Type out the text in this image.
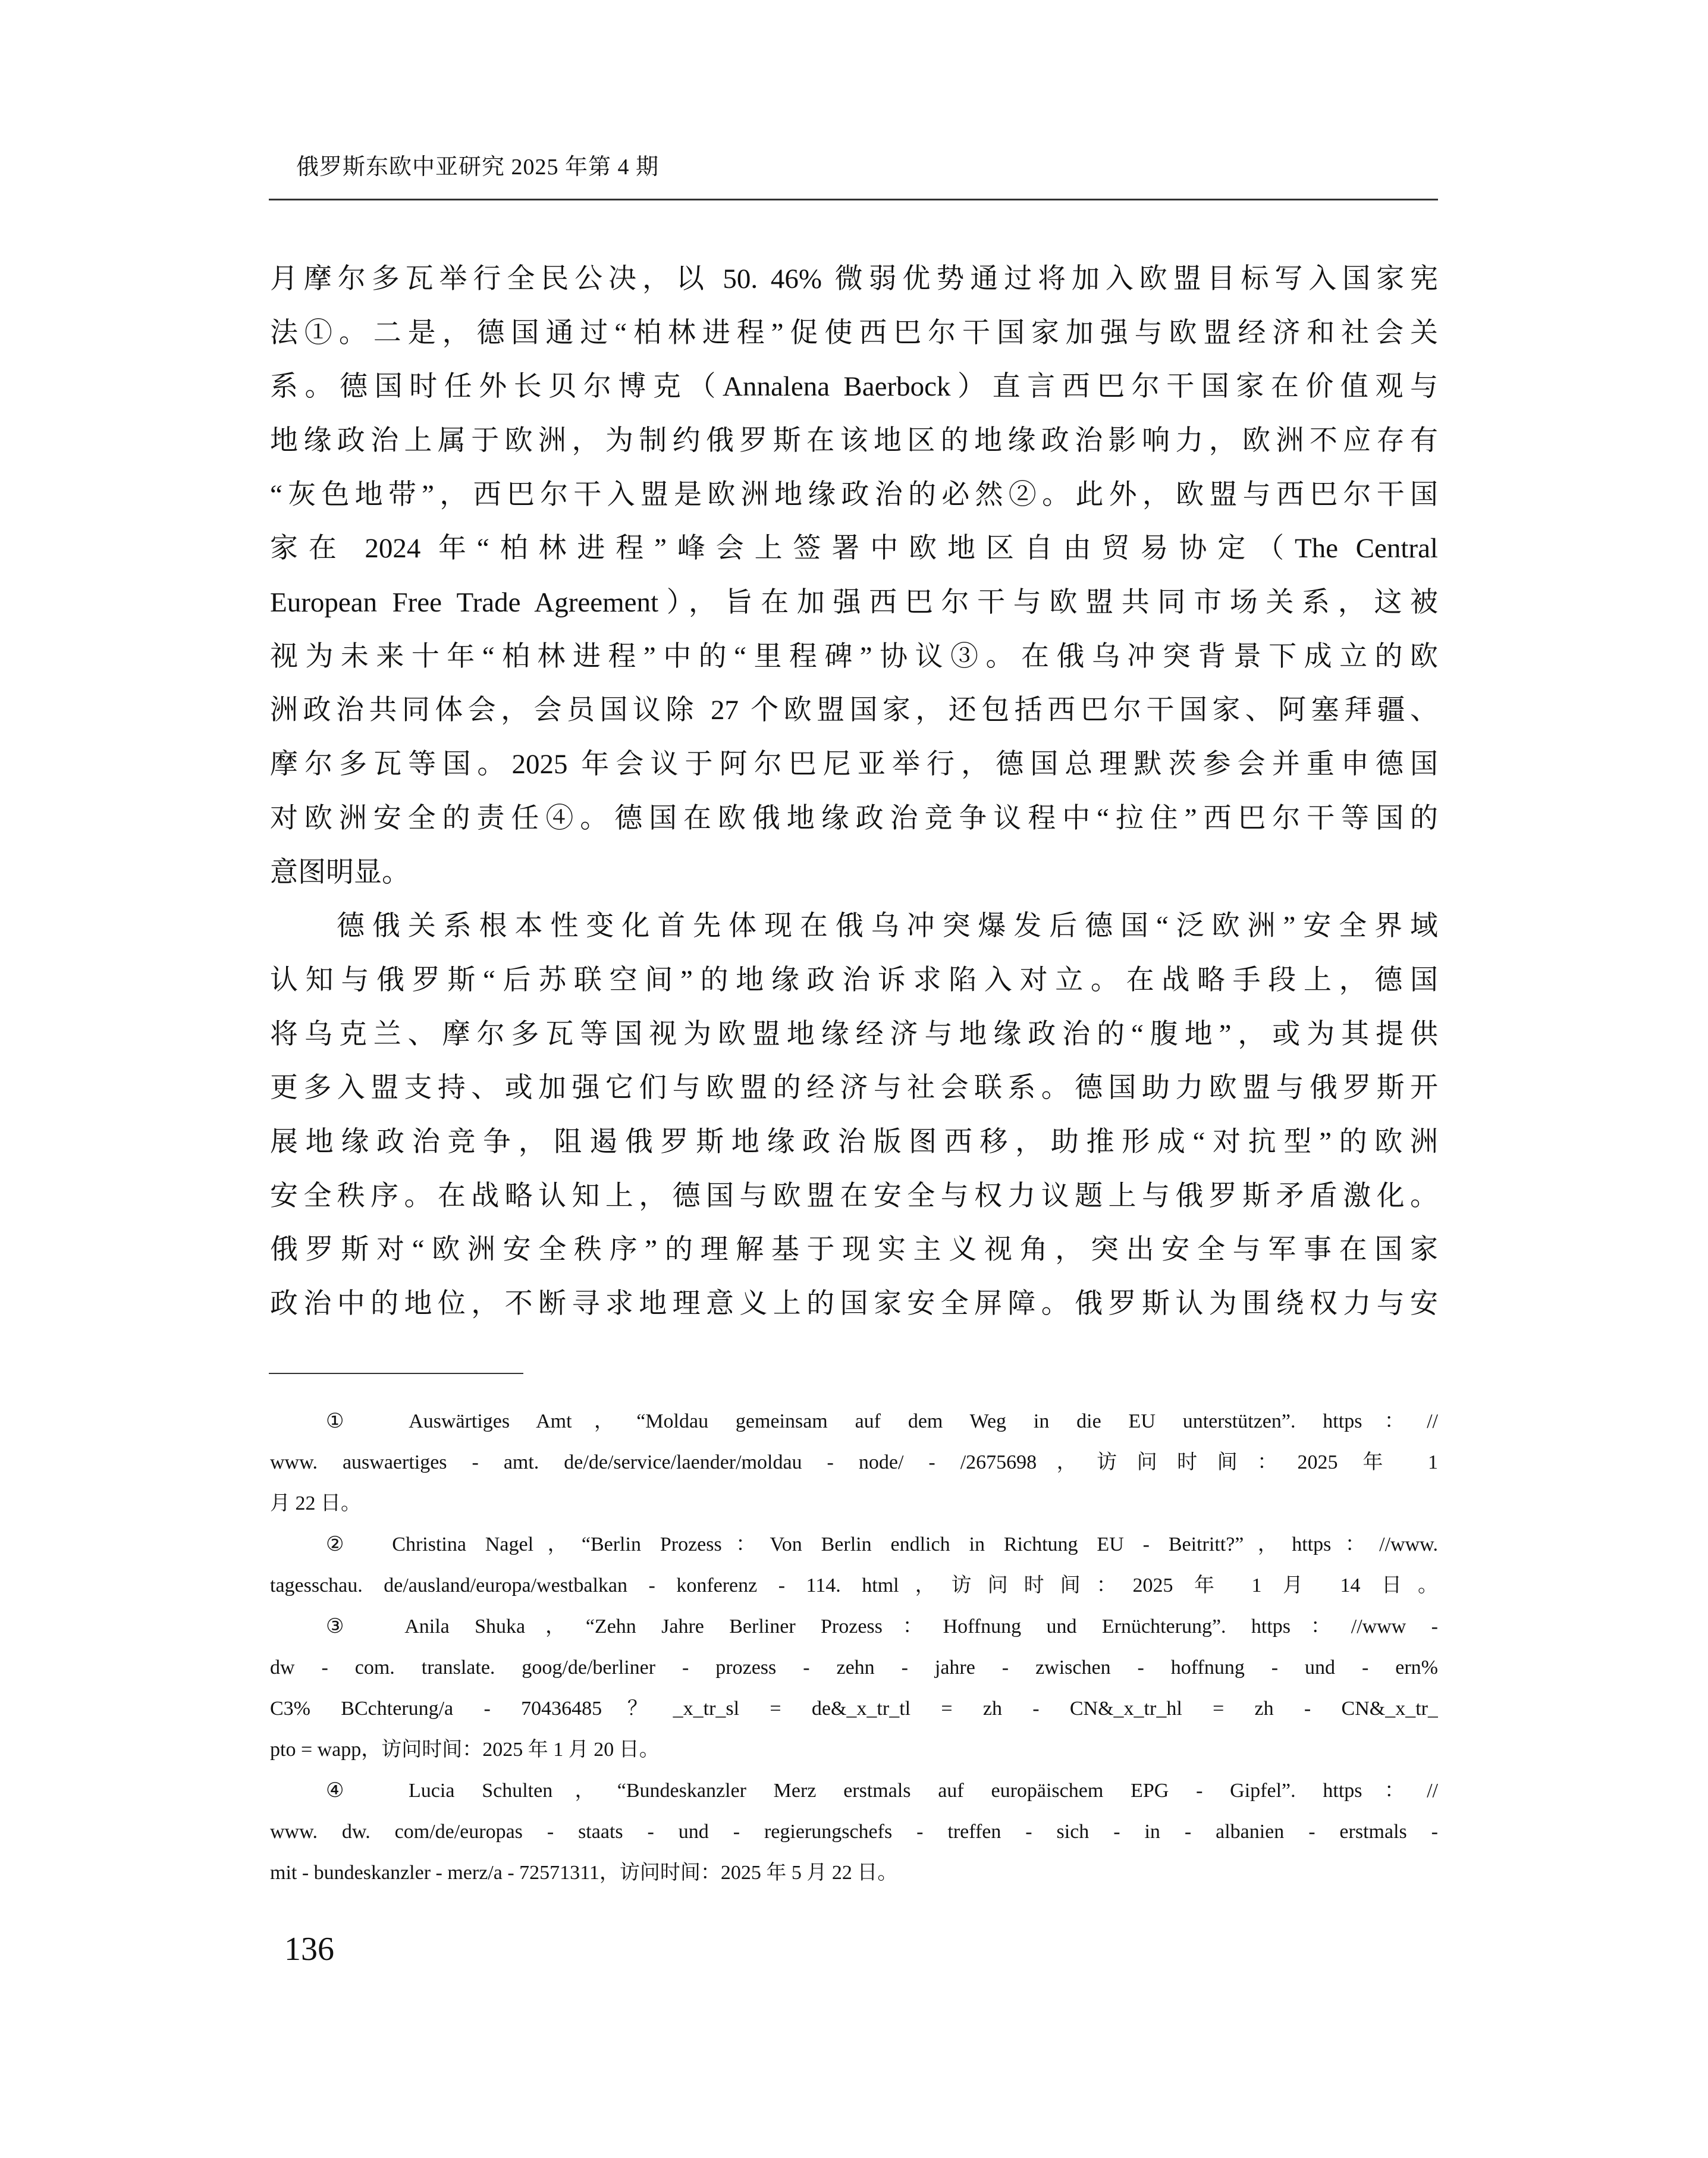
俄罗斯东欧中亚研究 2025 年第 4 期
月摩尔多瓦举行全民公决，以 50. 46% 微弱优势通过将加入欧盟目标写入国家宪
法①。二是，德国通过“柏林进程”促使西巴尔干国家加强与欧盟经济和社会关
系。德国时任外长贝尔博克（Annalena Baerbock）直言西巴尔干国家在价值观与
地缘政治上属于欧洲，为制约俄罗斯在该地区的地缘政治影响力，欧洲不应存有
“灰色地带”，西巴尔干入盟是欧洲地缘政治的必然②。此外，欧盟与西巴尔干国
家在 2024 年“柏林进程”峰会上签署中欧地区自由贸易协定（The Central
European Free Trade Agreement），旨在加强西巴尔干与欧盟共同市场关系，这被
视为未来十年“柏林进程”中的“里程碑”协议③。在俄乌冲突背景下成立的欧
洲政治共同体会，会员国议除 27 个欧盟国家，还包括西巴尔干国家、阿塞拜疆、
摩尔多瓦等国。2025 年会议于阿尔巴尼亚举行，德国总理默茨参会并重申德国
对欧洲安全的责任④。德国在欧俄地缘政治竞争议程中“拉住”西巴尔干等国的
意图明显。
德俄关系根本性变化首先体现在俄乌冲突爆发后德国“泛欧洲”安全界域
认知与俄罗斯“后苏联空间”的地缘政治诉求陷入对立。在战略手段上，德国
将乌克兰、摩尔多瓦等国视为欧盟地缘经济与地缘政治的“腹地”，或为其提供
更多入盟支持、或加强它们与欧盟的经济与社会联系。德国助力欧盟与俄罗斯开
展地缘政治竞争，阻遏俄罗斯地缘政治版图西移，助推形成“对抗型”的欧洲
安全秩序。在战略认知上，德国与欧盟在安全与权力议题上与俄罗斯矛盾激化。
俄罗斯对“欧洲安全秩序”的理解基于现实主义视角，突出安全与军事在国家
政治中的地位，不断寻求地理意义上的国家安全屏障。俄罗斯认为围绕权力与安
①　Auswärtiges Amt，“Moldau gemeinsam auf dem Weg in die EU unterstützen”. https：//
www. auswaertiges - amt. de/de/service/laender/moldau - node/ - /2675698，访问时间：2025 年 1
月 22 日。
②　Christina Nagel，“Berlin Prozess：Von Berlin endlich in Richtung EU - Beitritt?”，https：//www.
tagesschau. de/ausland/europa/westbalkan - konferenz - 114. html，访问时间：2025 年 1 月 14 日。
③　Anila Shuka，“Zehn Jahre Berliner Prozess：Hoffnung und Ernüchterung”. https：//www -
dw - com. translate. goog/de/berliner - prozess - zehn - jahre - zwischen - hoffnung - und - ern%
C3% BCchterung/a - 70436485？_x_tr_sl = de&_x_tr_tl = zh - CN&_x_tr_hl = zh - CN&_x_tr_
pto = wapp，访问时间：2025 年 1 月 20 日。
④　Lucia Schulten，“Bundeskanzler Merz erstmals auf europäischem EPG - Gipfel”. https：//
www. dw. com/de/europas - staats - und - regierungschefs - treffen - sich - in - albanien - erstmals -
mit - bundeskanzler - merz/a - 72571311，访问时间：2025 年 5 月 22 日。
136
